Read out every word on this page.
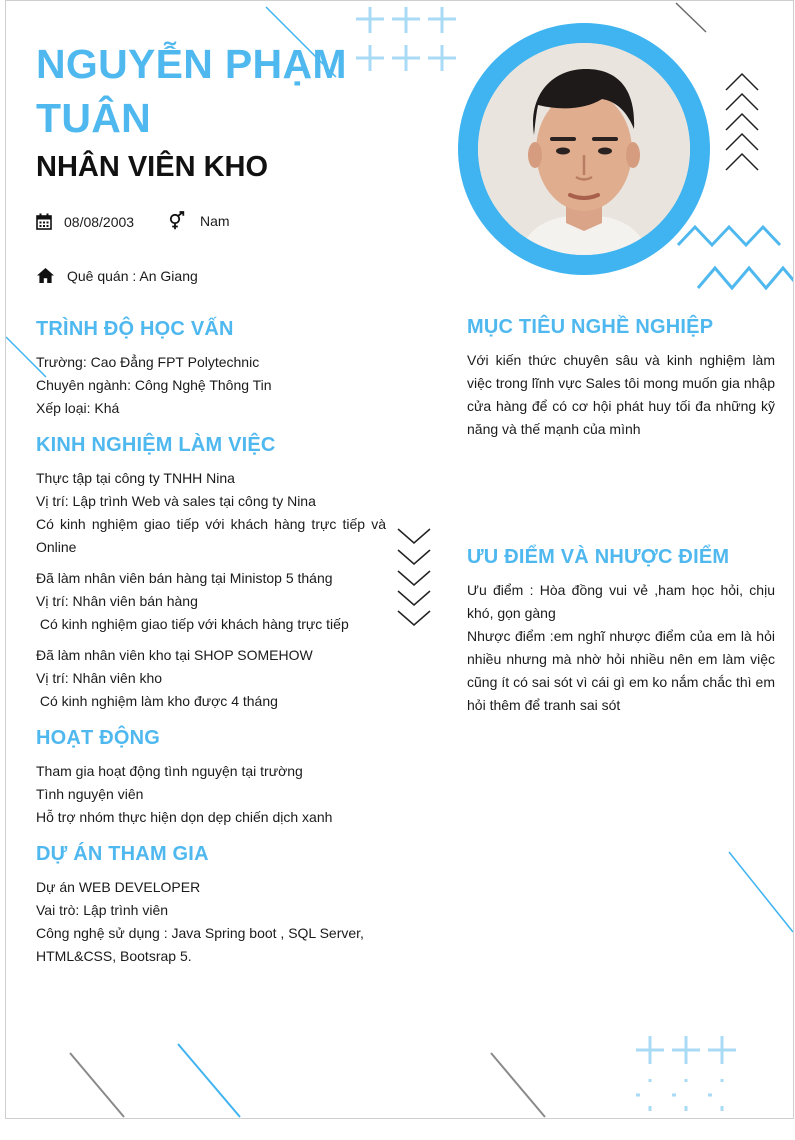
NGUYỄN PHẠM
TUÂN
NHÂN VIÊN KHO
08/08/2003	Nam
Quê quán : An Giang
TRÌNH ĐỘ HỌC VẤN

Trường: Cao Đẳng FPT Polytechnic

Chuyên ngành: Công Nghệ Thông Tin

Xếp loại: Khá

KINH NGHIỆM LÀM VIỆC

Thực tập tại công ty TNHH Nina

Vị trí: Lập trình Web và sales tại công ty Nina

Có kinh nghiệm giao tiếp với khách hàng trực tiếp và Online

Đã làm nhân viên bán hàng tại Ministop 5 tháng

Vị trí: Nhân viên bán hàng

Có kinh nghiệm giao tiếp với khách hàng trực tiếp

Đã làm nhân viên kho tại SHOP SOMEHOW

Vị trí: Nhân viên kho

Có kinh nghiệm làm kho được 4 tháng

HOẠT ĐỘNG

Tham gia hoạt động tình nguyện tại trường

Tình nguyện viên

Hỗ trợ nhóm thực hiện dọn dẹp chiến dịch xanh

DỰ ÁN THAM GIA

Dự án WEB DEVELOPER

Vai trò: Lập trình viên

Công nghệ sử dụng : Java Spring boot , SQL Server, HTML&CSS, Bootsrap 5.

MỤC TIÊU NGHỀ NGHIỆP

Với kiến thức chuyên sâu và kinh nghiệm làm việc trong lĩnh vực Sales tôi mong muốn gia nhập cửa hàng để có cơ hội phát huy tối đa những kỹ năng và thế mạnh của mình

ƯU ĐIỂM VÀ NHƯỢC ĐIỂM

Ưu điểm : Hòa đồng vui vẻ ,ham học hỏi, chịu khó, gọn gàng

Nhược điểm :em nghĩ nhược điểm của em là hỏi nhiều nhưng mà nhờ hỏi nhiều nên em làm việc cũng ít có sai sót vì cái gì em ko nắm chắc thì em hỏi thêm để tranh sai sót
